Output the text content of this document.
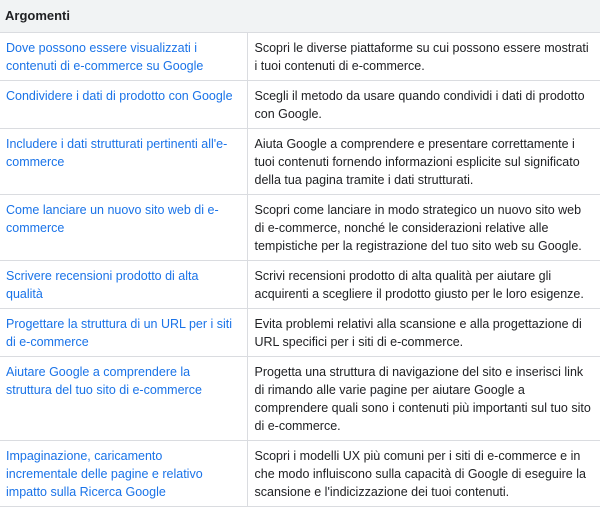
Argomenti	
Dove possono essere visualizzati i contenuti di e-commerce su Google	Scopri le diverse piattaforme su cui possono essere mostrati i tuoi contenuti di e-commerce.
Condividere i dati di prodotto con Google	Scegli il metodo da usare quando condividi i dati di prodotto con Google.
Includere i dati strutturati pertinenti all'e-commerce	Aiuta Google a comprendere e presentare correttamente i tuoi contenuti fornendo informazioni esplicite sul significato della tua pagina tramite i dati strutturati.
Come lanciare un nuovo sito web di e-commerce	Scopri come lanciare in modo strategico un nuovo sito web di e-commerce, nonché le considerazioni relative alle tempistiche per la registrazione del tuo sito web su Google.
Scrivere recensioni prodotto di alta qualità	Scrivi recensioni prodotto di alta qualità per aiutare gli acquirenti a scegliere il prodotto giusto per le loro esigenze.
Progettare la struttura di un URL per i siti di e-commerce	Evita problemi relativi alla scansione e alla progettazione di URL specifici per i siti di e-commerce.
Aiutare Google a comprendere la struttura del tuo sito di e-commerce	Progetta una struttura di navigazione del sito e inserisci link di rimando alle varie pagine per aiutare Google a comprendere quali sono i contenuti più importanti sul tuo sito di e-commerce.
Impaginazione, caricamento incrementale delle pagine e relativo impatto sulla Ricerca Google	Scopri i modelli UX più comuni per i siti di e-commerce e in che modo influiscono sulla capacità di Google di eseguire la scansione e l'indicizzazione dei tuoi contenuti.
